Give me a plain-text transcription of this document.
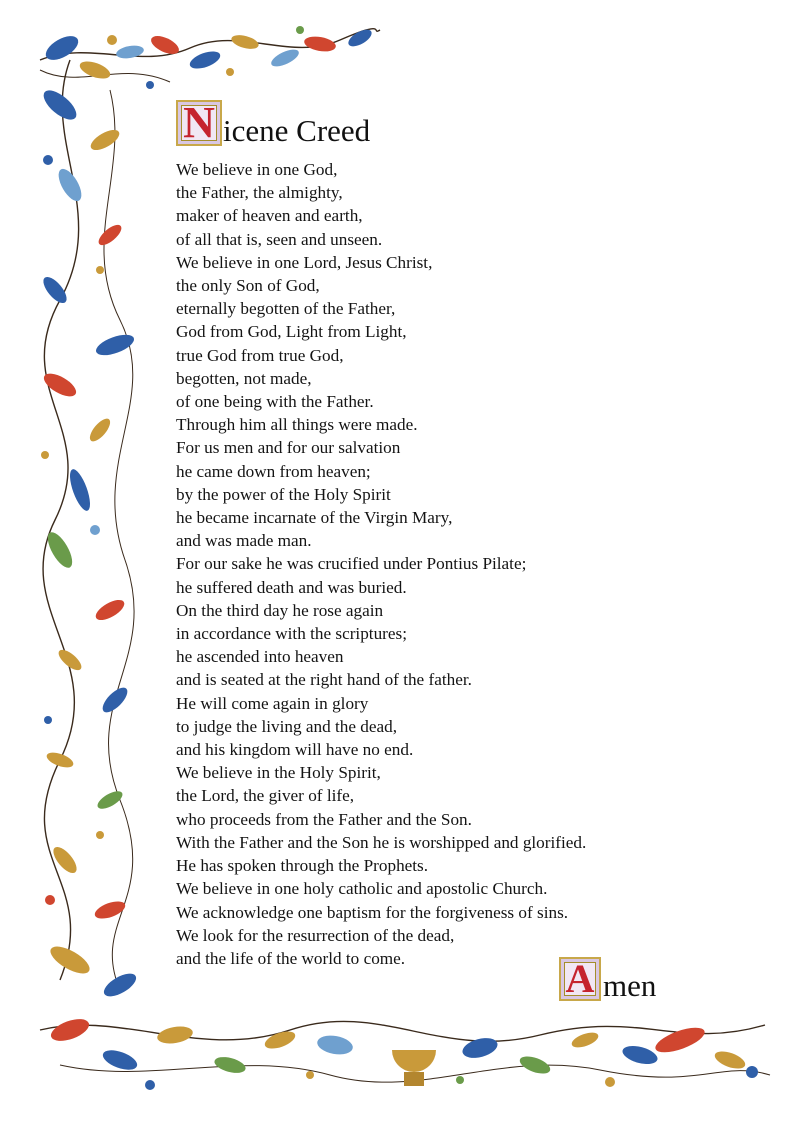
N icene Creed
We believe in one God,
the Father, the almighty,
maker of heaven and earth,
of all that is, seen and unseen.
We believe in one Lord, Jesus Christ,
the only Son of God,
eternally begotten of the Father,
God from God, Light from Light,
true God from true God,
begotten, not made,
of one being with the Father.
Through him all things were made.
For us men and for our salvation
he came down from heaven;
by the power of the Holy Spirit
he became incarnate of the Virgin Mary,
and was made man.
For our sake he was crucified under Pontius Pilate;
he suffered death and was buried.
On the third day he rose again
in accordance with the scriptures;
he ascended into heaven
and is seated at the right hand of the father.
He will come again in glory
to judge the living and the dead,
and his kingdom will have no end.
We believe in the Holy Spirit,
the Lord, the giver of life,
who proceeds from the Father and the Son.
With the Father and the Son he is worshipped and glorified.
He has spoken through the Prophets.
We believe in one holy catholic and apostolic Church.
We acknowledge one baptism for the forgiveness of sins.
We look for the resurrection of the dead,
and the life of the world to come.	A men
